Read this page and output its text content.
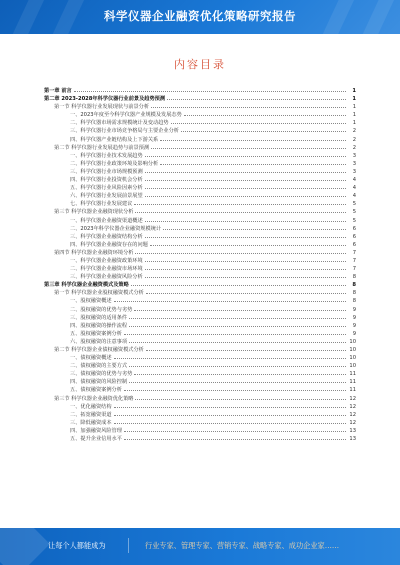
科学仪器企业融资优化策略研究报告
内容目录
第一章 前言	1
第二章 2023-2028年科学仪器行业前景及趋势预测	1
第一节 科学仪器行业发展现状与前景分析	1
一、2023年度至今科学仪器产业规模及发展态势	1
二、科学仪器市场需求规模统计及变动趋势	1
三、科学仪器行业市场竞争格局与主要企业分析	2
四、科学仪器产业链结构及上下游关系	2
第二节 科学仪器行业发展趋势与前景预测	2
一、科学仪器行业技术发展趋势	3
二、科学仪器行业政策环境及影响分析	3
三、科学仪器行业市场规模预测	3
四、科学仪器行业投资机会分析	4
五、科学仪器行业风险因素分析	4
六、科学仪器行业发展前景展望	4
七、科学仪器行业发展建议	5
第三节 科学仪器企业融资现状分析	5
一、科学仪器企业融资渠道概述	5
二、2023年科学仪器企业融资规模统计	6
三、科学仪器企业融资结构分析	6
四、科学仪器企业融资存在的问题	6
第四节 科学仪器企业融资环境分析	7
一、科学仪器企业融资政策环境	7
二、科学仪器企业融资市场环境	7
三、科学仪器企业融资风险分析	8
第三章 科学仪器企业融资模式及策略	8
第一节 科学仪器企业股权融资模式分析	8
一、股权融资概述	8
二、股权融资的优势与劣势	9
三、股权融资的适用条件	9
四、股权融资的操作流程	9
五、股权融资案例分析	9
六、股权融资的注意事项	10
第二节 科学仪器企业债权融资模式分析	10
一、债权融资概述	10
二、债权融资的主要方式	10
三、债权融资的优势与劣势	11
四、债权融资的风险控制	11
五、债权融资案例分析	11
第三节 科学仪器企业融资优化策略	12
一、优化融资结构	12
二、拓宽融资渠道	12
三、降低融资成本	12
四、加强融资风险管理	13
五、提升企业信用水平	13
让每个人都能成为	行业专家、管理专家、营销专家、战略专家、成功企业家……
